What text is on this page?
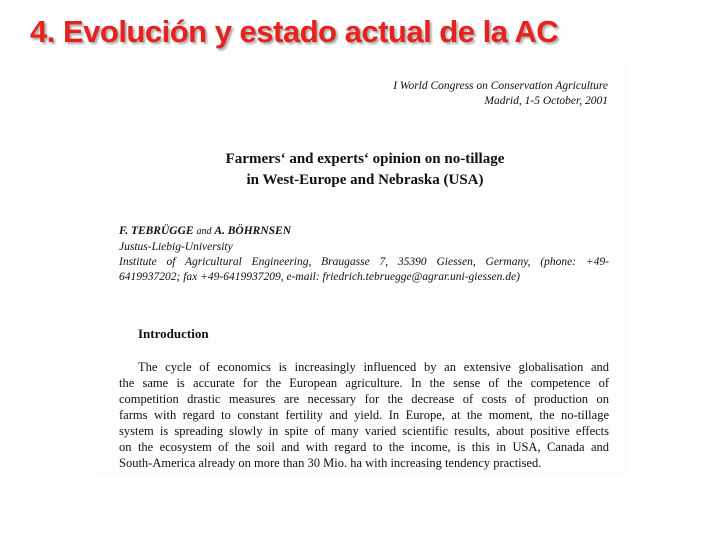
4. Evolución y estado actual de la AC
I World Congress on Conservation Agriculture
Madrid, 1-5 October, 2001
Farmers‘ and experts‘ opinion on no-tillage
in West-Europe and Nebraska (USA)
F. TEBRÜGGE and A. BÖHRNSEN
Justus-Liebig-University
Institute of Agricultural Engineering, Braugasse 7, 35390 Giessen, Germany, (phone: +49-
6419937202; fax +49-6419937209, e-mail: friedrich.tebruegge@agrar.uni-giessen.de)
Introduction
The cycle of economics is increasingly influenced by an extensive globalisation and
the same is accurate for the European agriculture. In the sense of the competence of
competition drastic measures are necessary for the decrease of costs of production on
farms with regard to constant fertility and yield. In Europe, at the moment, the no-tillage
system is spreading slowly in spite of many varied scientific results, about positive effects
on the ecosystem of the soil and with regard to the income, is this in USA, Canada and
South-America already on more than 30 Mio. ha with increasing tendency practised.
